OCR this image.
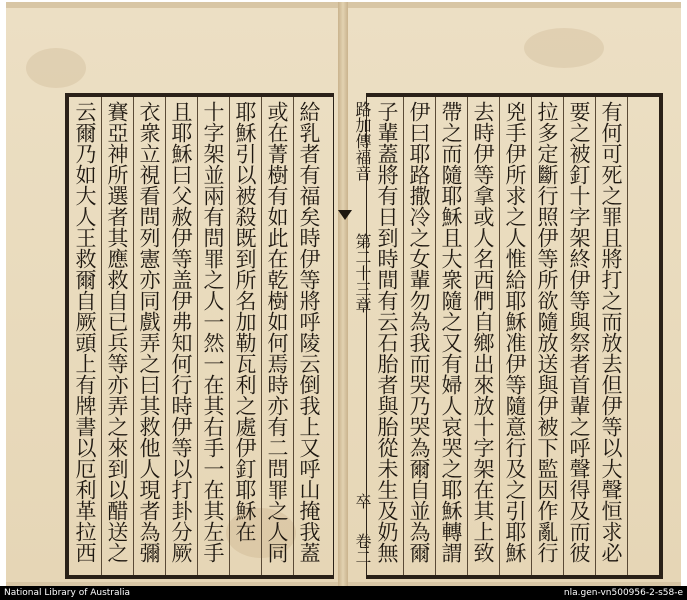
云爾乃如大人王救爾自厥頭上有牌書以厄利革拉西 賽亞神所選者其應救自已兵等亦弄之來到以醋送之 衣衆立視看問列憲亦同戲弄之曰其救他人現者為彌 且耶穌曰父赦伊等盖伊弗知何行時伊等以打卦分厥 十字架並兩有問罪之人一然一在其右手一在其左手 耶穌引以被殺既到所名加勒瓦利之處伊釘耶穌在 或在菁樹有如此在乾樹如何焉時亦有二問罪之人同 給乳者有福矣時伊等將呼陵云倒我上又呼山掩我蓋 路加傳福音
第二十三章
卒
卷二 子輩蓋將有日到時間有云石胎者與胎從未生及奶無 伊曰耶路撒冷之女輩勿為我而哭乃哭為爾自並為爾 帶之而隨耶穌且大衆隨之又有婦人哀哭之耶穌轉謂 去時伊等拿或人名西們自鄉出來放十字架在其上致 兇手伊所求之人惟給耶穌准伊等隨意行及之引耶穌 拉多定斷行照伊等所欲隨放送與伊被下監因作亂行 要之被釘十字架終伊等與祭者首輩之呼聲得及而彼 有何可死之罪且將打之而放去但伊等以大聲恒求必
National Library of Australia	nla.gen-vn500956-2-s58-e
